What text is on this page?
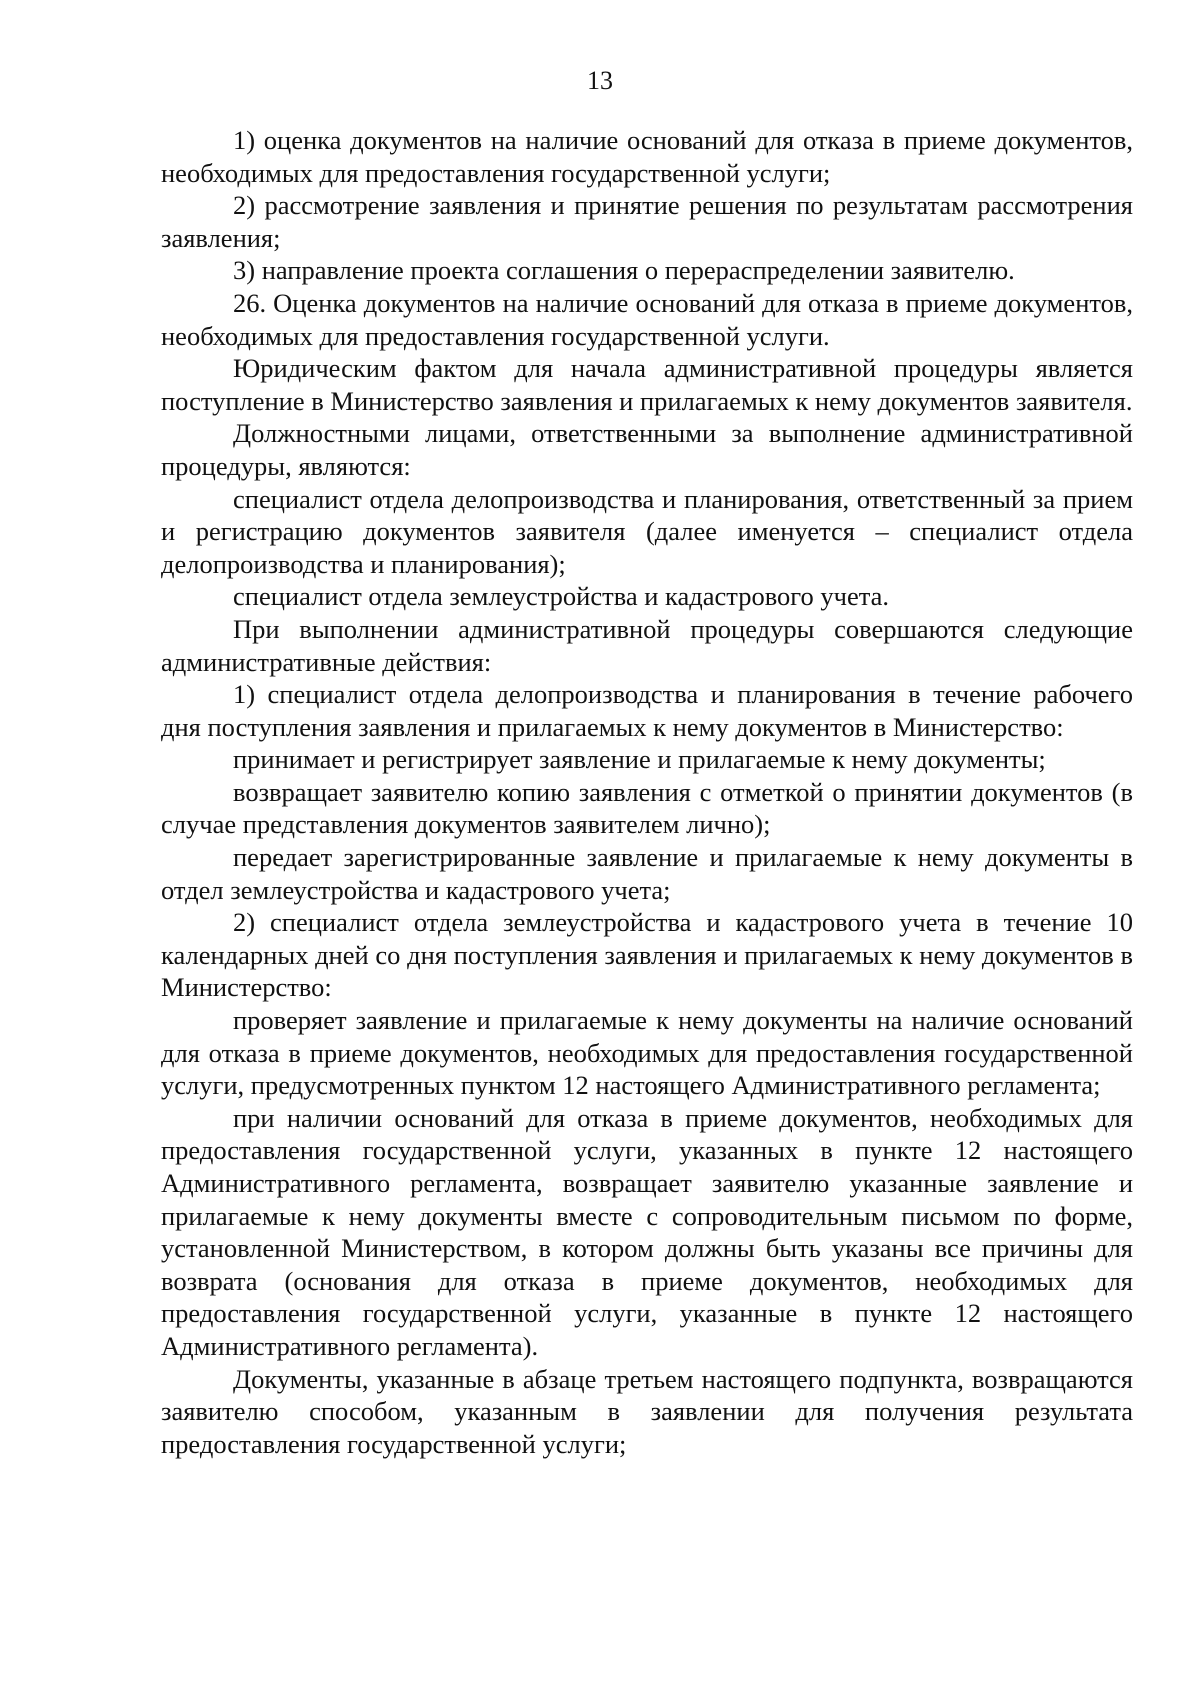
13

1) оценка документов на наличие оснований для отказа в приеме документов, необходимых для предоставления государственной услуги;

2) рассмотрение заявления и принятие решения по результатам рассмотрения заявления;

3) направление проекта соглашения о перераспределении заявителю.

26. Оценка документов на наличие оснований для отказа в приеме документов, необходимых для предоставления государственной услуги.

Юридическим фактом для начала административной процедуры является поступление в Министерство заявления и прилагаемых к нему документов заявителя.

Должностными лицами, ответственными за выполнение административной процедуры, являются:

специалист отдела делопроизводства и планирования, ответственный за прием и регистрацию документов заявителя (далее именуется – специалист отдела делопроизводства и планирования);

специалист отдела землеустройства и кадастрового учета.

При выполнении административной процедуры совершаются следующие административные действия:

1) специалист отдела делопроизводства и планирования в течение рабочего дня поступления заявления и прилагаемых к нему документов в Министерство:

принимает и регистрирует заявление и прилагаемые к нему документы;

возвращает заявителю копию заявления с отметкой о принятии документов (в случае представления документов заявителем лично);

передает зарегистрированные заявление и прилагаемые к нему документы в отдел землеустройства и кадастрового учета;

2) специалист отдела землеустройства и кадастрового учета в течение 10 календарных дней со дня поступления заявления и прилагаемых к нему документов в Министерство:

проверяет заявление и прилагаемые к нему документы на наличие оснований для отказа в приеме документов, необходимых для предоставления государственной услуги, предусмотренных пунктом 12 настоящего Административного регламента;

при наличии оснований для отказа в приеме документов, необходимых для предоставления государственной услуги, указанных в пункте 12 настоящего Административного регламента, возвращает заявителю указанные заявление и прилагаемые к нему документы вместе с сопроводительным письмом по форме, установленной Министерством, в котором должны быть указаны все причины для возврата (основания для отказа в приеме документов, необходимых для предоставления государственной услуги, указанные в пункте 12 настоящего Административного регламента).

Документы, указанные в абзаце третьем настоящего подпункта, возвращаются заявителю способом, указанным в заявлении для получения результата предоставления государственной услуги;
